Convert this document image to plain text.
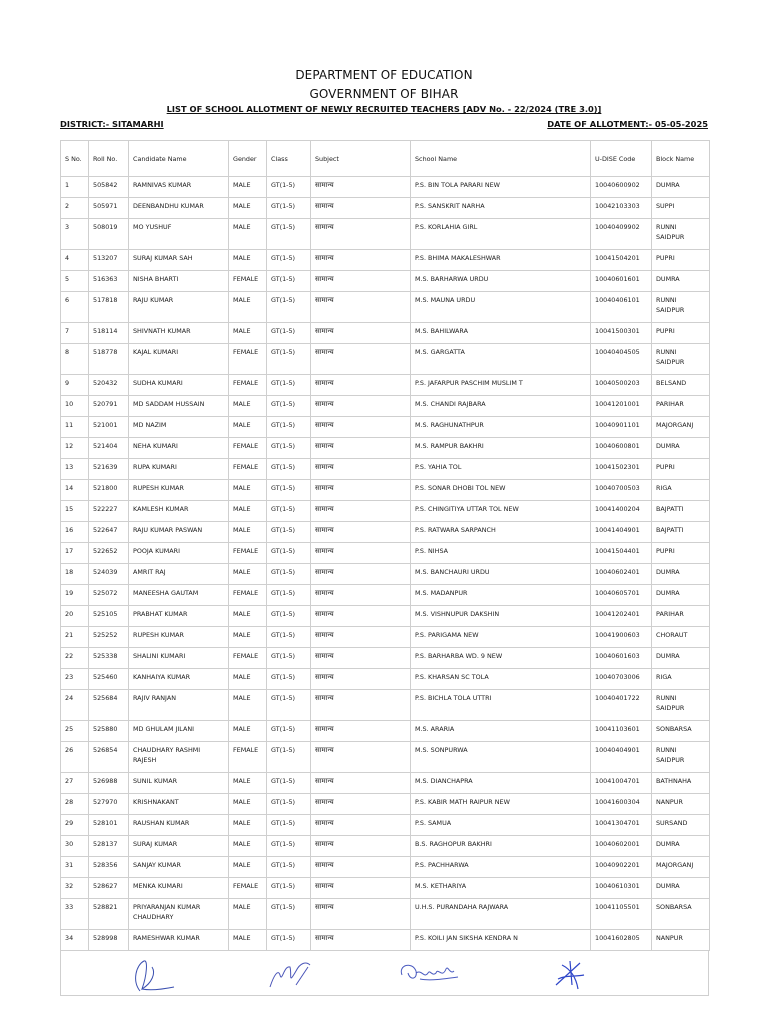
DEPARTMENT OF EDUCATION
GOVERNMENT OF BIHAR
LIST OF SCHOOL ALLOTMENT OF NEWLY RECRUITED TEACHERS [ADV No. - 22/2024 (TRE 3.0)]
DISTRICT:- SITAMARHI	DATE OF ALLOTMENT:- 05-05-2025
S No.	Roll No.	Candidate Name	Gender	Class	Subject	School Name	U-DISE Code	Block Name
1	505842	RAMNIVAS KUMAR	MALE	GT(1-5)	सामान्य	P.S. BIN TOLA PARARI NEW	10040600902	DUMRA
2	505971	DEENBANDHU KUMAR	MALE	GT(1-5)	सामान्य	P.S. SANSKRIT NARHA	10042103303	SUPPI
3	508019	MO YUSHUF	MALE	GT(1-5)	सामान्य	P.S. KORLAHIA GIRL	10040409902	RUNNI SAIDPUR
4	513207	SURAJ KUMAR SAH	MALE	GT(1-5)	सामान्य	P.S. BHIMA MAKALESHWAR	10041504201	PUPRI
5	516363	NISHA BHARTI	FEMALE	GT(1-5)	सामान्य	M.S. BARHARWA URDU	10040601601	DUMRA
6	517818	RAJU KUMAR	MALE	GT(1-5)	सामान्य	M.S. MAUNA URDU	10040406101	RUNNI SAIDPUR
7	518114	SHIVNATH KUMAR	MALE	GT(1-5)	सामान्य	M.S. BAHILWARA	10041500301	PUPRI
8	518778	KAJAL KUMARI	FEMALE	GT(1-5)	सामान्य	M.S. GARGATTA	10040404505	RUNNI SAIDPUR
9	520432	SUDHA KUMARI	FEMALE	GT(1-5)	सामान्य	P.S. JAFARPUR PASCHIM MUSLIM T	10040500203	BELSAND
10	520791	MD SADDAM HUSSAIN	MALE	GT(1-5)	सामान्य	M.S. CHANDI RAJBARA	10041201001	PARIHAR
11	521001	MD NAZIM	MALE	GT(1-5)	सामान्य	M.S. RAGHUNATHPUR	10040901101	MAJORGANJ
12	521404	NEHA KUMARI	FEMALE	GT(1-5)	सामान्य	M.S. RAMPUR BAKHRI	10040600801	DUMRA
13	521639	RUPA KUMARI	FEMALE	GT(1-5)	सामान्य	P.S. YAHIA TOL	10041502301	PUPRI
14	521800	RUPESH KUMAR	MALE	GT(1-5)	सामान्य	P.S. SONAR DHOBI TOL NEW	10040700503	RIGA
15	522227	KAMLESH KUMAR	MALE	GT(1-5)	सामान्य	P.S. CHINGITIYA UTTAR TOL NEW	10041400204	BAJPATTI
16	522647	RAJU KUMAR PASWAN	MALE	GT(1-5)	सामान्य	P.S. RATWARA SARPANCH	10041404901	BAJPATTI
17	522652	POOJA KUMARI	FEMALE	GT(1-5)	सामान्य	P.S. NIHSA	10041504401	PUPRI
18	524039	AMRIT RAJ	MALE	GT(1-5)	सामान्य	M.S. BANCHAURI URDU	10040602401	DUMRA
19	525072	MANEESHA GAUTAM	FEMALE	GT(1-5)	सामान्य	M.S. MADANPUR	10040605701	DUMRA
20	525105	PRABHAT KUMAR	MALE	GT(1-5)	सामान्य	M.S. VISHNUPUR DAKSHIN	10041202401	PARIHAR
21	525252	RUPESH KUMAR	MALE	GT(1-5)	सामान्य	P.S. PARIGAMA NEW	10041900603	CHORAUT
22	525338	SHALINI KUMARI	FEMALE	GT(1-5)	सामान्य	P.S. BARHARBA WD. 9 NEW	10040601603	DUMRA
23	525460	KANHAIYA KUMAR	MALE	GT(1-5)	सामान्य	P.S. KHARSAN SC TOLA	10040703006	RIGA
24	525684	RAJIV RANJAN	MALE	GT(1-5)	सामान्य	P.S. BICHLA TOLA UTTRI	10040401722	RUNNI SAIDPUR
25	525880	MD GHULAM JILANI	MALE	GT(1-5)	सामान्य	M.S. ARARIA	10041103601	SONBARSA
26	526854	CHAUDHARY RASHMI RAJESH	FEMALE	GT(1-5)	सामान्य	M.S. SONPURWA	10040404901	RUNNI SAIDPUR
27	526988	SUNIL KUMAR	MALE	GT(1-5)	सामान्य	M.S. DIANCHAPRA	10041004701	BATHNAHA
28	527970	KRISHNAKANT	MALE	GT(1-5)	सामान्य	P.S. KABIR MATH RAIPUR NEW	10041600304	NANPUR
29	528101	RAUSHAN KUMAR	MALE	GT(1-5)	सामान्य	P.S. SAMUA	10041304701	SURSAND
30	528137	SURAJ KUMAR	MALE	GT(1-5)	सामान्य	B.S. RAGHOPUR BAKHRI	10040602001	DUMRA
31	528356	SANJAY KUMAR	MALE	GT(1-5)	सामान्य	P.S. PACHHARWA	10040902201	MAJORGANJ
32	528627	MENKA KUMARI	FEMALE	GT(1-5)	सामान्य	M.S. KETHARIYA	10040610301	DUMRA
33	528821	PRIYARANJAN KUMAR CHAUDHARY	MALE	GT(1-5)	सामान्य	U.H.S. PURANDAHA RAJWARA	10041105501	SONBARSA
34	528998	RAMESHWAR KUMAR	MALE	GT(1-5)	सामान्य	P.S. KOILI JAN SIKSHA KENDRA N	10041602805	NANPUR
